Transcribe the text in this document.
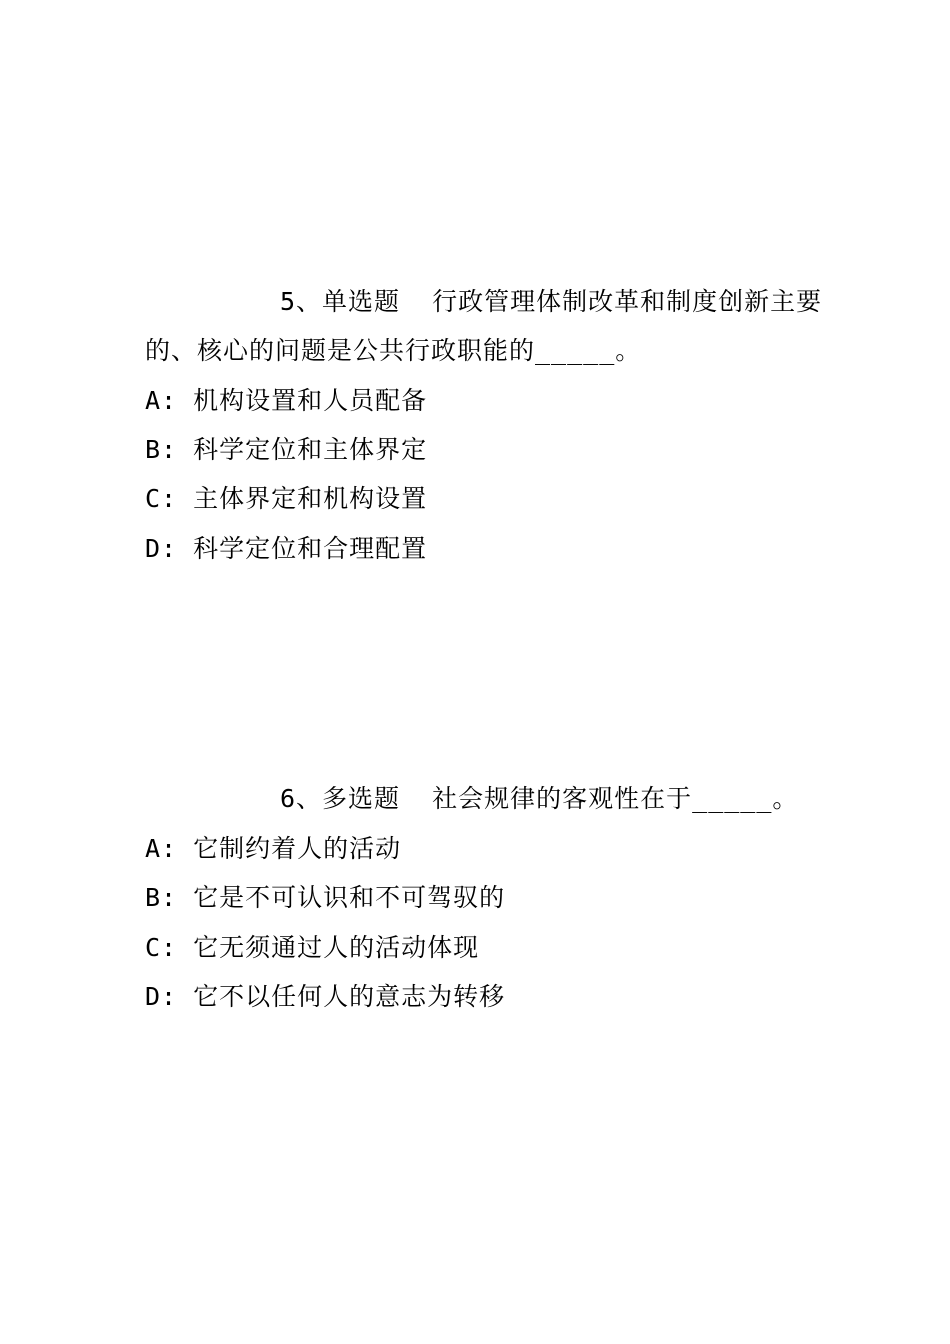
5、单选题  行政管理体制改革和制度创新主要
的、核心的问题是公共行政职能的_____。
A: 机构设置和人员配备
B: 科学定位和主体界定
C: 主体界定和机构设置
D: 科学定位和合理配置
6、多选题  社会规律的客观性在于_____。
A: 它制约着人的活动
B: 它是不可认识和不可驾驭的
C: 它无须通过人的活动体现
D: 它不以任何人的意志为转移
